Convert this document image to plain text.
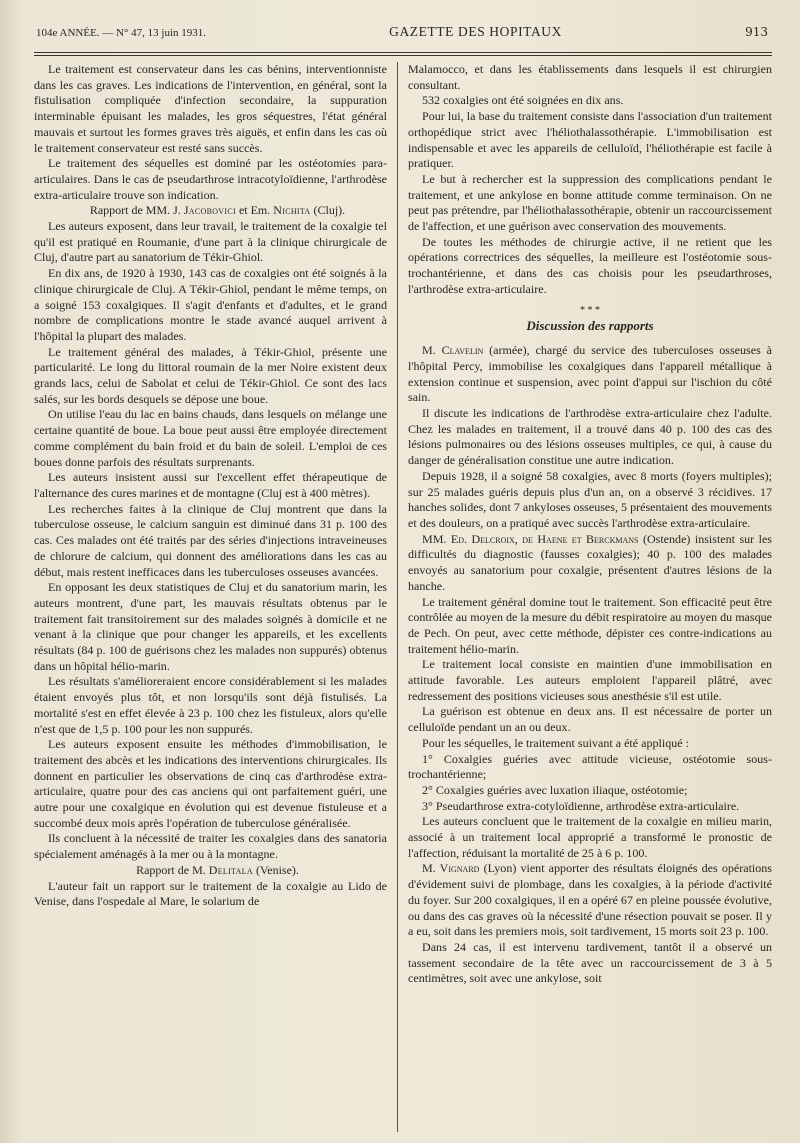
104e ANNÉE. — N° 47, 13 juin 1931.	GAZETTE DES HOPITAUX	913

Le traitement est conservateur dans les cas bénins, interventionniste dans les cas graves. Les indications de l'intervention, en général, sont la fistulisation compliquée d'infection secondaire, la suppuration interminable épuisant les malades, les gros séquestres, l'état général mauvais et surtout les formes graves très aiguës, et enfin dans les cas où le traitement conservateur est resté sans succès.

Le traitement des séquelles est dominé par les ostéotomies para-articulaires. Dans le cas de pseudarthrose intracotyloïdienne, l'arthrodèse extra-articulaire trouve son indication.

Rapport de MM. J. Jacobovici et Em. Nichita (Cluj).

Les auteurs exposent, dans leur travail, le traitement de la coxalgie tel qu'il est pratiqué en Roumanie, d'une part à la clinique chirurgicale de Cluj, d'autre part au sanatorium de Tékir-Ghiol.

En dix ans, de 1920 à 1930, 143 cas de coxalgies ont été soignés à la clinique chirurgicale de Cluj. A Tékir-Ghiol, pendant le même temps, on a soigné 153 coxalgiques. Il s'agit d'enfants et d'adultes, et le grand nombre de complications montre le stade avancé auquel arrivent à l'hôpital la plupart des malades.

Le traitement général des malades, à Tékir-Ghiol, présente une particularité. Le long du littoral roumain de la mer Noire existent deux grands lacs, celui de Sabolat et celui de Tékir-Ghiol. Ce sont des lacs salés, sur les bords desquels se dépose une boue.

On utilise l'eau du lac en bains chauds, dans lesquels on mélange une certaine quantité de boue. La boue peut aussi être employée directement comme complément du bain froid et du bain de soleil. L'emploi de ces boues donne parfois des résultats surprenants.

Les auteurs insistent aussi sur l'excellent effet thérapeutique de l'alternance des cures marines et de montagne (Cluj est à 400 mètres).

Les recherches faites à la clinique de Cluj montrent que dans la tuberculose osseuse, le calcium sanguin est diminué dans 31 p. 100 des cas. Ces malades ont été traités par des séries d'injections intraveineuses de chlorure de calcium, qui donnent des améliorations dans les cas au début, mais restent inefficaces dans les tuberculoses osseuses avancées.

En opposant les deux statistiques de Cluj et du sanatorium marin, les auteurs montrent, d'une part, les mauvais résultats obtenus par le traitement fait transitoirement sur des malades soignés à domicile et ne venant à la clinique que pour changer les appareils, et les excellents résultats (84 p. 100 de guérisons chez les malades non suppurés) obtenus dans un hôpital hélio-marin.

Les résultats s'amélioreraient encore considérablement si les malades étaient envoyés plus tôt, et non lorsqu'ils sont déjà fistulisés. La mortalité s'est en effet élevée à 23 p. 100 chez les fistuleux, alors qu'elle n'est que de 1,5 p. 100 pour les non suppurés.

Les auteurs exposent ensuite les méthodes d'immobilisation, le traitement des abcès et les indications des interventions chirurgicales. Ils donnent en particulier les observations de cinq cas d'arthrodèse extra-articulaire, quatre pour des cas anciens qui ont parfaitement guéri, une autre pour une coxalgique en évolution qui est devenue fistuleuse et a succombé deux mois après l'opération de tuberculose généralisée.

Ils concluent à la nécessité de traiter les coxalgies dans des sanatoria spécialement aménagés à la mer ou à la montagne.

Rapport de M. Delitala (Venise).

L'auteur fait un rapport sur le traitement de la coxalgie au Lido de Venise, dans l'ospedale al Mare, le solarium de

Malamocco, et dans les établissements dans lesquels il est chirurgien consultant.

532 coxalgies ont été soignées en dix ans.

Pour lui, la base du traitement consiste dans l'association d'un traitement orthopédique strict avec l'héliothalassothérapie. L'immobilisation est indispensable et avec les appareils de celluloïd, l'héliothérapie est facile à pratiquer.

Le but à rechercher est la suppression des complications pendant le traitement, et une ankylose en bonne attitude comme terminaison. On ne peut pas prétendre, par l'héliothalassothérapie, obtenir un raccourcissement de l'affection, et une guérison avec conservation des mouvements.

De toutes les méthodes de chirurgie active, il ne retient que les opérations correctrices des séquelles, la meilleure est l'ostéotomie sous-trochantérienne, et dans des cas choisis pour les pseudarthroses, l'arthrodèse extra-articulaire.

* * *
Discussion des rapports

M. Clavelin (armée), chargé du service des tuberculoses osseuses à l'hôpital Percy, immobilise les coxalgiques dans l'appareil métallique à extension continue et suspension, avec point d'appui sur l'ischion du côté sain.

Il discute les indications de l'arthrodèse extra-articulaire chez l'adulte. Chez les malades en traitement, il a trouvé dans 40 p. 100 des cas des lésions pulmonaires ou des lésions osseuses multiples, ce qui, à cause du danger de généralisation constitue une autre indication.

Depuis 1928, il a soigné 58 coxalgies, avec 8 morts (foyers multiples); sur 25 malades guéris depuis plus d'un an, on a observé 3 récidives. 17 hanches solides, dont 7 ankyloses osseuses, 5 présentaient des mouvements et des douleurs, on a pratiqué avec succès l'arthrodèse extra-articulaire.

MM. Ed. Delcroix, de Haene et Berckmans (Ostende) insistent sur les difficultés du diagnostic (fausses coxalgies); 40 p. 100 des malades envoyés au sanatorium pour coxalgie, présentent d'autres lésions de la hanche.

Le traitement général domine tout le traitement. Son efficacité peut être contrôlée au moyen de la mesure du débit respiratoire au moyen du masque de Pech. On peut, avec cette méthode, dépister ces contre-indications au traitement hélio-marin.

Le traitement local consiste en maintien d'une immobilisation en attitude favorable. Les auteurs emploient l'appareil plâtré, avec redressement des positions vicieuses sous anesthésie s'il est utile.

La guérison est obtenue en deux ans. Il est nécessaire de porter un celluloïde pendant un an ou deux.

Pour les séquelles, le traitement suivant a été appliqué :

1° Coxalgies guéries avec attitude vicieuse, ostéotomie sous-trochantérienne;

2° Coxalgies guéries avec luxation iliaque, ostéotomie;

3° Pseudarthrose extra-cotyloïdienne, arthrodèse extra-articulaire.

Les auteurs concluent que le traitement de la coxalgie en milieu marin, associé à un traitement local approprié a transformé le pronostic de l'affection, réduisant la mortalité de 25 à 6 p. 100.

M. Vignard (Lyon) vient apporter des résultats éloignés des opérations d'évidement suivi de plombage, dans les coxalgies, à la période d'activité du foyer. Sur 200 coxalgiques, il en a opéré 67 en pleine poussée évolutive, ou dans des cas graves où la nécessité d'une résection pouvait se poser. Il y a eu, soit dans les premiers mois, soit tardivement, 15 morts soit 23 p. 100.

Dans 24 cas, il est intervenu tardivement, tantôt il a observé un tassement secondaire de la tête avec un raccourcissement de 3 à 5 centimètres, soit avec une ankylose, soit
